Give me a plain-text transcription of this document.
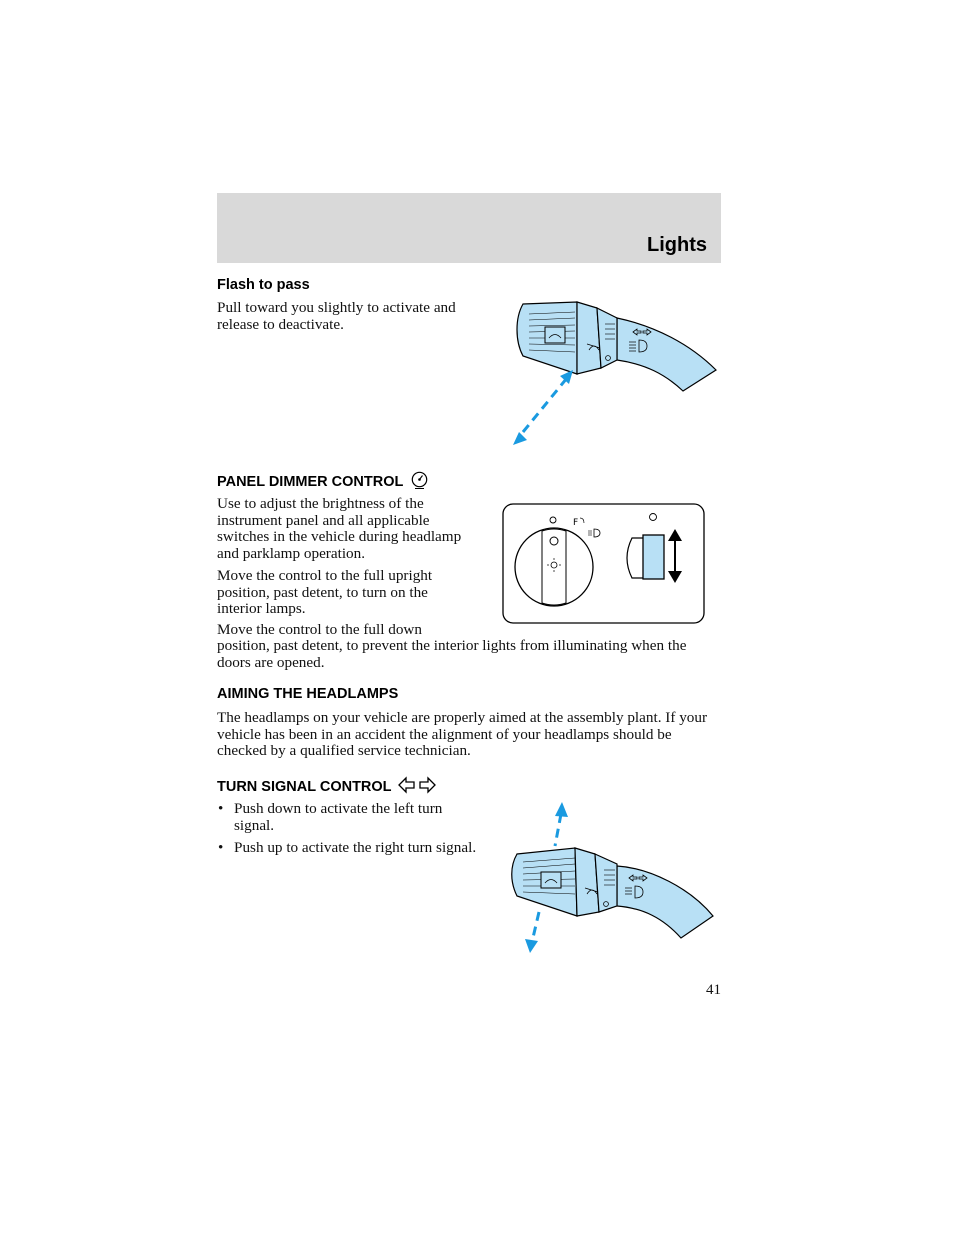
Lights
Flash to pass

Pull toward you slightly to activate and release to deactivate.

PANEL DIMMER CONTROL

Use to adjust the brightness of the instrument panel and all applicable switches in the vehicle during headlamp and parklamp operation.

Move the control to the full upright position, past detent, to turn on the interior lamps.

Move the control to the full down

position, past detent, to prevent the interior lights from illuminating when the doors are opened.

F
AIMING THE HEADLAMPS

The headlamps on your vehicle are properly aimed at the assembly plant. If your vehicle has been in an accident the alignment of your headlamps should be checked by a qualified service technician.

TURN SIGNAL CONTROL
• Push down to activate the left turn signal.
• Push up to activate the right turn signal.
41
